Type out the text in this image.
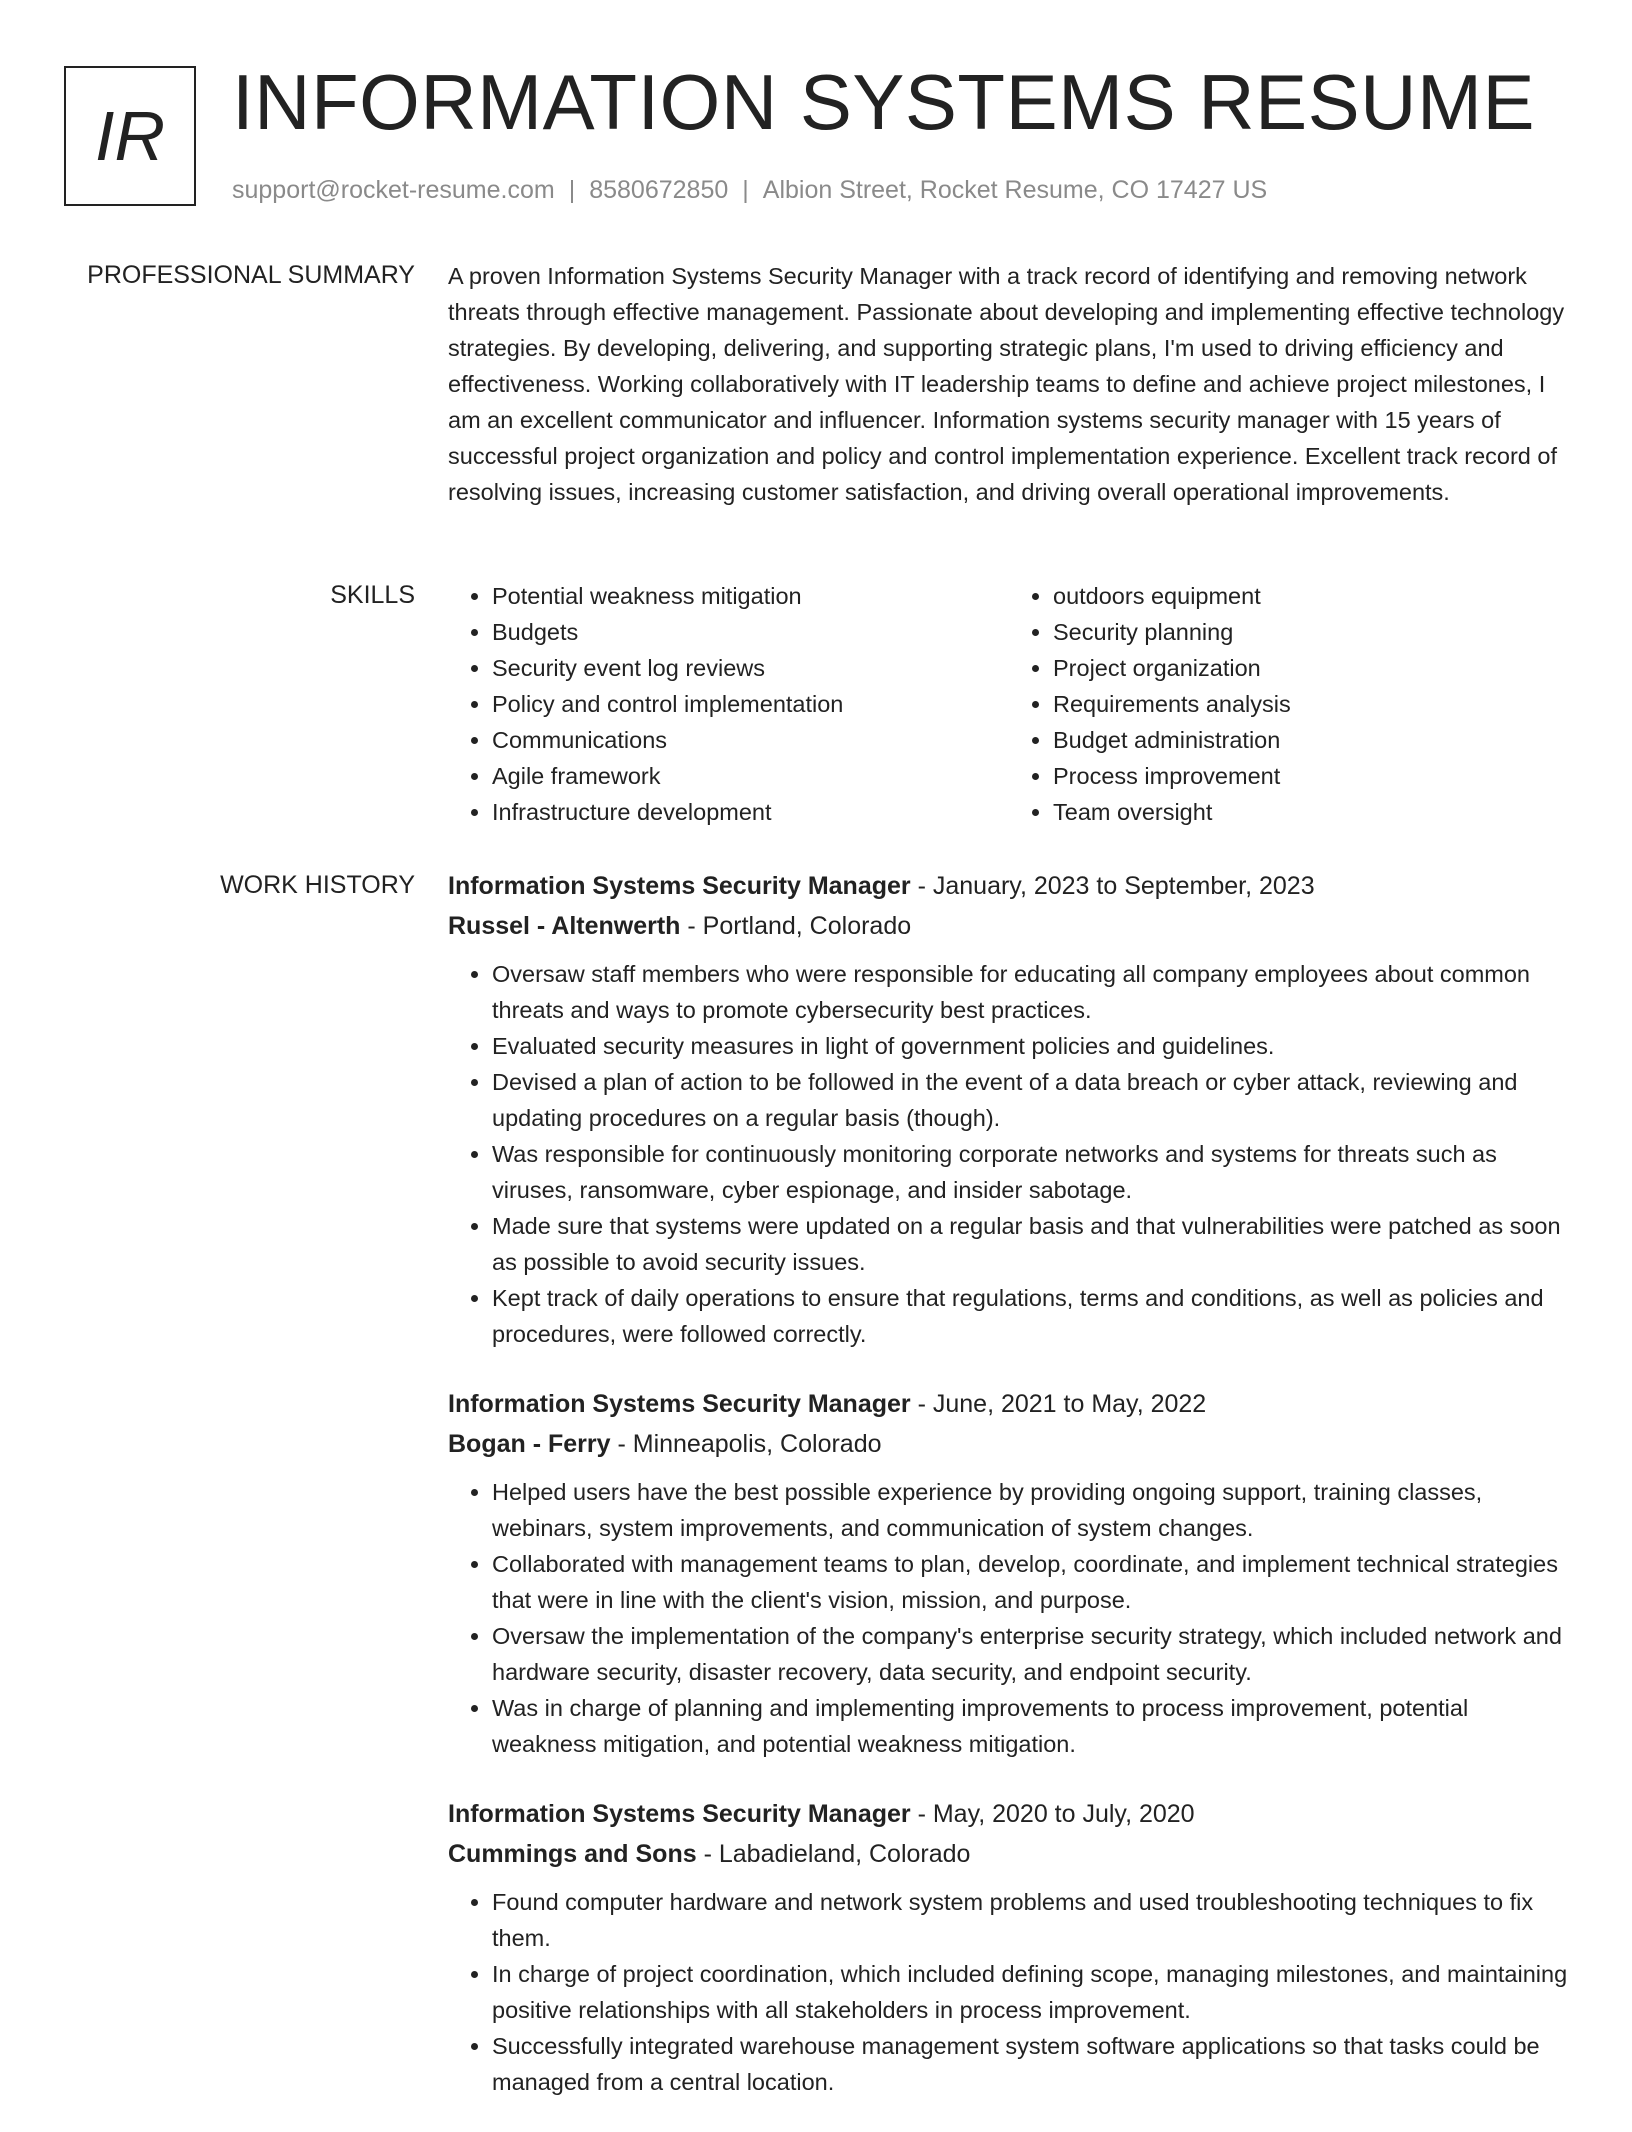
IR INFORMATION SYSTEMS RESUME
support@rocket-resume.com | 8580672850 | Albion Street, Rocket Resume, CO 17427 US
PROFESSIONAL SUMMARY A proven Information Systems Security Manager with a track record of identifying and removing network threats through effective management. Passionate about developing and implementing effective technology strategies. By developing, delivering, and supporting strategic plans, I'm used to driving efficiency and effectiveness. Working collaboratively with IT leadership teams to define and achieve project milestones, I am an excellent communicator and influencer. Information systems security manager with 15 years of successful project organization and policy and control implementation experience. Excellent track record of resolving issues, increasing customer satisfaction, and driving overall operational improvements.

SKILLS
•	Potential weakness mitigation
• Budgets
• Security event log reviews
• Policy and control implementation
• Communications
• Agile framework
• Infrastructure development
• outdoors equipment
• Security planning
• Project organization
• Requirements analysis
• Budget administration
• Process improvement
• Team oversight
WORK HISTORY Information Systems Security Manager - January, 2023 to September, 2023
Russel - Altenwerth - Portland, Colorado
• Oversaw staff members who were responsible for educating all company employees about common threats and ways to promote cybersecurity best practices.
• Evaluated security measures in light of government policies and guidelines.
• Devised a plan of action to be followed in the event of a data breach or cyber attack, reviewing and updating procedures on a regular basis (though).
• Was responsible for continuously monitoring corporate networks and systems for threats such as viruses, ransomware, cyber espionage, and insider sabotage.
• Made sure that systems were updated on a regular basis and that vulnerabilities were patched as soon as possible to avoid security issues.
• Kept track of daily operations to ensure that regulations, terms and conditions, as well as policies and procedures, were followed correctly.
Information Systems Security Manager - June, 2021 to May, 2022
Bogan - Ferry - Minneapolis, Colorado
• Helped users have the best possible experience by providing ongoing support, training classes, webinars, system improvements, and communication of system changes.
• Collaborated with management teams to plan, develop, coordinate, and implement technical strategies that were in line with the client's vision, mission, and purpose.
• Oversaw the implementation of the company's enterprise security strategy, which included network and hardware security, disaster recovery, data security, and endpoint security.
• Was in charge of planning and implementing improvements to process improvement, potential weakness mitigation, and potential weakness mitigation.
Information Systems Security Manager - May, 2020 to July, 2020
Cummings and Sons - Labadieland, Colorado
• Found computer hardware and network system problems and used troubleshooting techniques to fix them.
• In charge of project coordination, which included defining scope, managing milestones, and maintaining positive relationships with all stakeholders in process improvement.
• Successfully integrated warehouse management system software applications so that tasks could be managed from a central location.
